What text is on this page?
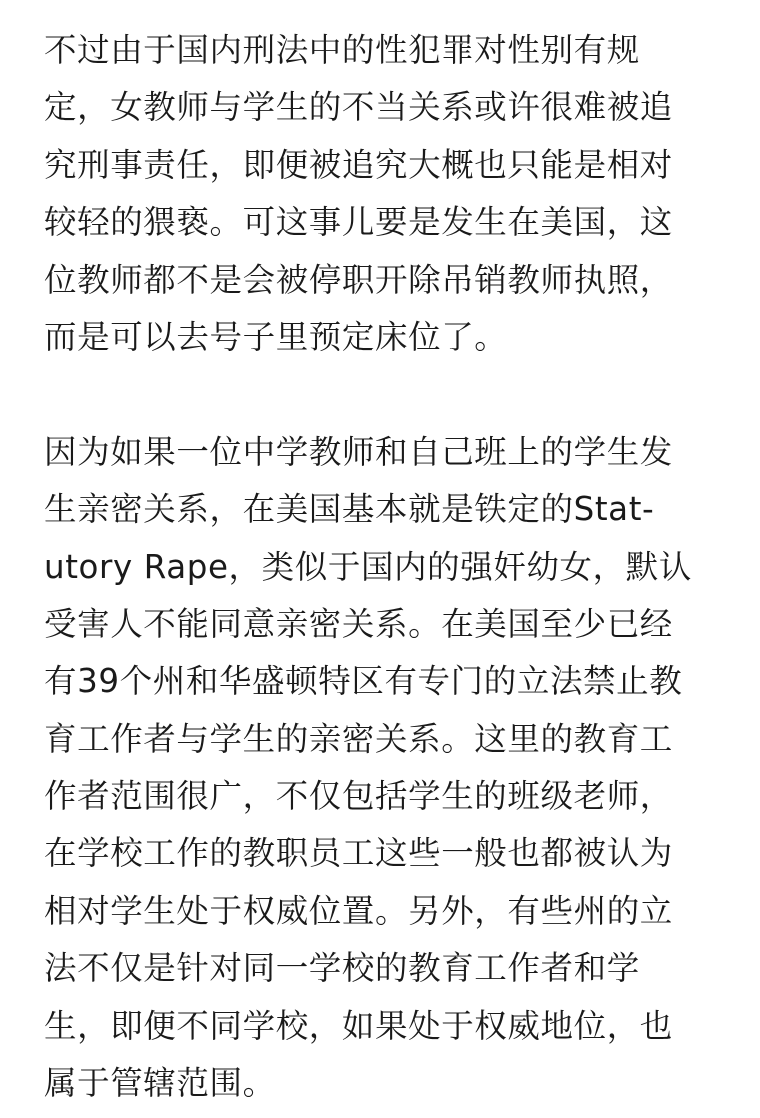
不过由于国内刑法中的性犯罪对性别有规
定，女教师与学生的不当关系或许很难被追
究刑事责任，即便被追究大概也只能是相对
较轻的猥亵。可这事儿要是发生在美国，这
位教师都不是会被停职开除吊销教师执照，
而是可以去号子里预定床位了。
因为如果一位中学教师和自己班上的学生发
生亲密关系，在美国基本就是铁定的Stat-
utory Rape，类似于国内的强奸幼女，默认
受害人不能同意亲密关系。在美国至少已经
有39个州和华盛顿特区有专门的立法禁止教
育工作者与学生的亲密关系。这里的教育工
作者范围很广，不仅包括学生的班级老师，
在学校工作的教职员工这些一般也都被认为
相对学生处于权威位置。另外，有些州的立
法不仅是针对同一学校的教育工作者和学
生，即便不同学校，如果处于权威地位，也
属于管辖范围。
